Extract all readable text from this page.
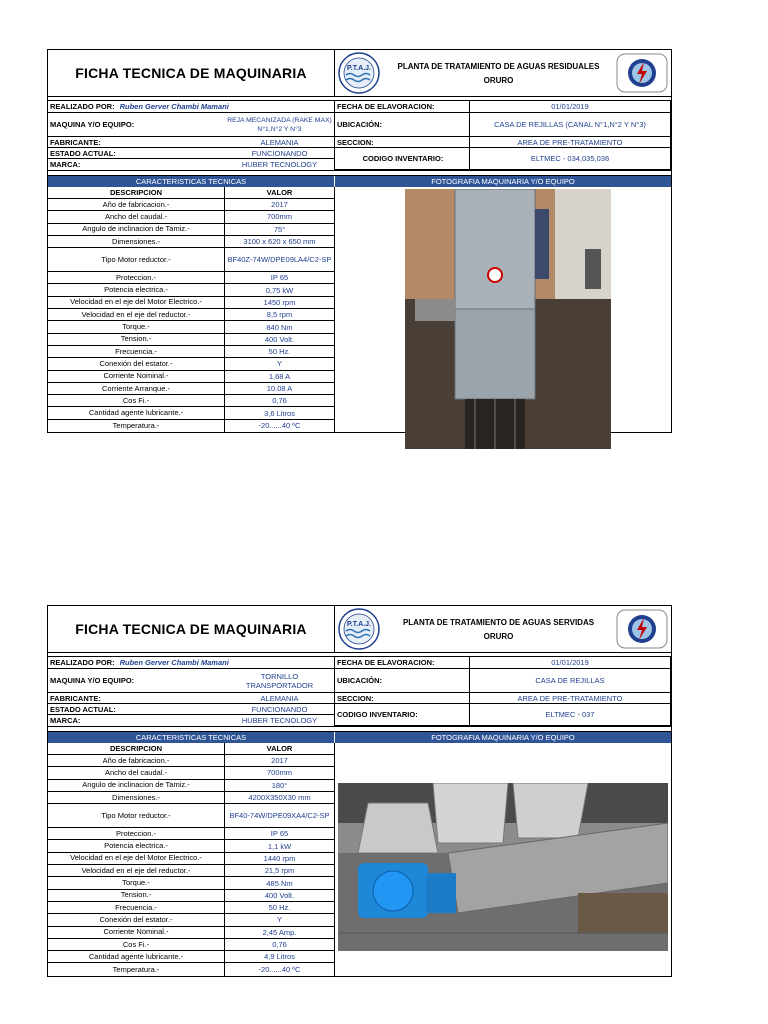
FICHA TECNICA DE MAQUINARIA	P.T.A.J.	PLANTA DE TRATAMIENTO DE AGUAS RESIDUALES
ORURO
REALIZADO POR: Ruben Gerver Chambi Mamani	FECHA DE ELAVORACION:	01/01/2019
MAQUINA Y/O EQUIPO:	REJA MECANIZADA (RAKE MAX) N°1,N°2 Y N°3	UBICACIÓN:	CASA DE REJILLAS (CANAL N°1,N°2 Y N°3)
FABRICANTE:	ALEMANIA	SECCION:	AREA DE PRE-TRATAMIENTO
ESTADO ACTUAL:	FUNCIONANDO
CODIGO INVENTARIO:	ELTMEC - 034,035,036
MARCA:	HUBER TECNOLOGY
CARACTERISTICAS TECNICAS	FOTOGRAFIA MAQUINARIA Y/O EQUIPO
DESCRIPCION	VALOR
Año de fabricacion.-	2017
Ancho del caudal.-	700mm
Angulo de inclinacion de Tamiz.-	75°
Dimensiones.-	3100 x 620 x 650 mm
Tipo Motor reductor.-	BF40Z-74W/DPE09LA4/C2-SP
Proteccion.-	IP 65
Potencia electrica.-	0,75 kW
Velocidad en el eje del Motor Electrico.-	1450 rpm
Velocidad en el eje del reductor.-	8,5 rpm
Torque.-	840 Nm
Tension.-	400 Volt.
Frecuencia.-	50 Hz.
Conexión del estator.-	Y
Corriente Nominal.-	1,68 A
Corriente Arranque.-	10.08 A
Cos Fi.-	0,76
Cantidad agente lubricante.-	3,6 Litros
Temperatura.-	-20......40 ºC
FICHA TECNICA DE MAQUINARIA	P.T.A.J.	PLANTA DE TRATAMIENTO DE AGUAS SERVIDAS
ORURO
REALIZADO POR: Ruben Gerver Chambi Mamani	FECHA DE ELAVORACION:	01/01/2019
MAQUINA Y/O EQUIPO:	TORNILLO TRANSPORTADOR	UBICACIÓN:	CASA DE REJILLAS
FABRICANTE:	ALEMANIA	SECCION:	AREA DE PRE-TRATAMIENTO
ESTADO ACTUAL:	FUNCIONANDO
CODIGO INVENTARIO:	ELTMEC - 037
MARCA:	HUBER TECNOLOGY
CARACTERISTICAS TECNICAS	FOTOGRAFIA MAQUINARIA Y/O EQUIPO
DESCRIPCION	VALOR
Año de fabricacion.-	2017
Ancho del caudal.-	700mm
Angulo de inclinacion de Tamiz.-	180°
Dimensiones.-	4200X350X30 mm
Tipo Motor reductor.-	BF40-74W/DPE09XA4/C2-SP
Proteccion.-	IP 65
Potencia electrica.-	1,1 kW
Velocidad en el eje del Motor Electrico.-	1440 rpm
Velocidad en el eje del reductor.-	21,5 rpm
Torque.-	485 Nm
Tension.-	400 Volt.
Frecuencia.-	50 Hz.
Conexión del estator.-	Y
Corriente Nominal.-	2,45 Amp.
Cos Fi.-	0,76
Cantidad agente lubricante.-	4,9 Litros
Temperatura.-	-20......40 ºC
